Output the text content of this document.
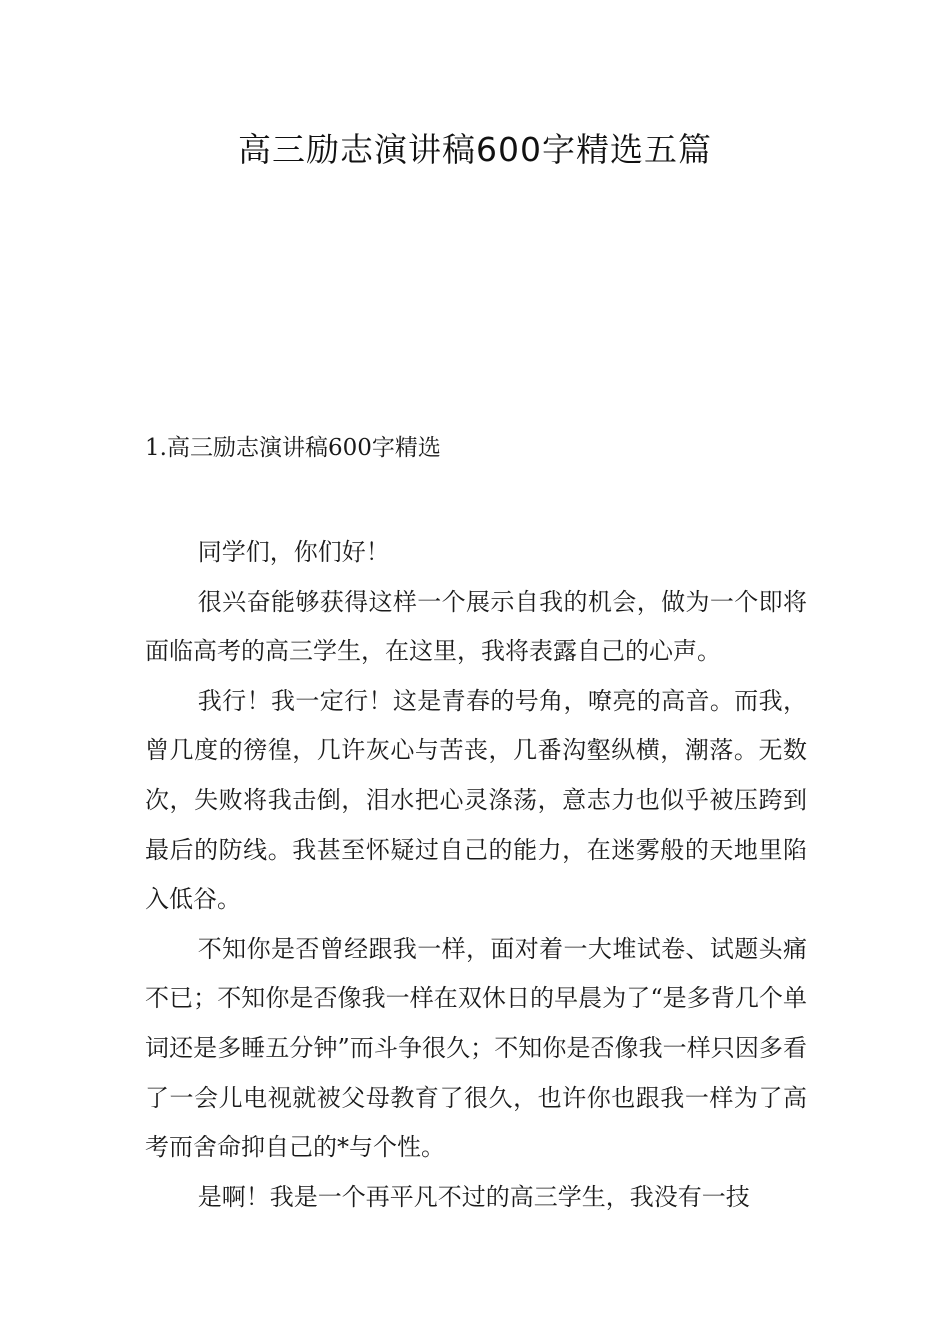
高三励志演讲稿600字精选五篇
1.高三励志演讲稿600字精选

同学们，你们好！

很兴奋能够获得这样一个展示自我的机会，做为一个即将面临高考的高三学生，在这里，我将表露自己的心声。

我行！我一定行！这是青春的号角，嘹亮的高音。而我，曾几度的徬徨，几许灰心与苦丧，几番沟壑纵横，潮落。无数次，失败将我击倒，泪水把心灵涤荡，意志力也似乎被压跨到最后的防线。我甚至怀疑过自己的能力，在迷雾般的天地里陷入低谷。

不知你是否曾经跟我一样，面对着一大堆试卷、试题头痛不已；不知你是否像我一样在双休日的早晨为了“是多背几个单词还是多睡五分钟”而斗争很久；不知你是否像我一样只因多看了一会儿电视就被父母教育了很久，也许你也跟我一样为了高考而舍命抑自己的*与个性。

是啊！我是一个再平凡不过的高三学生，我没有一技
